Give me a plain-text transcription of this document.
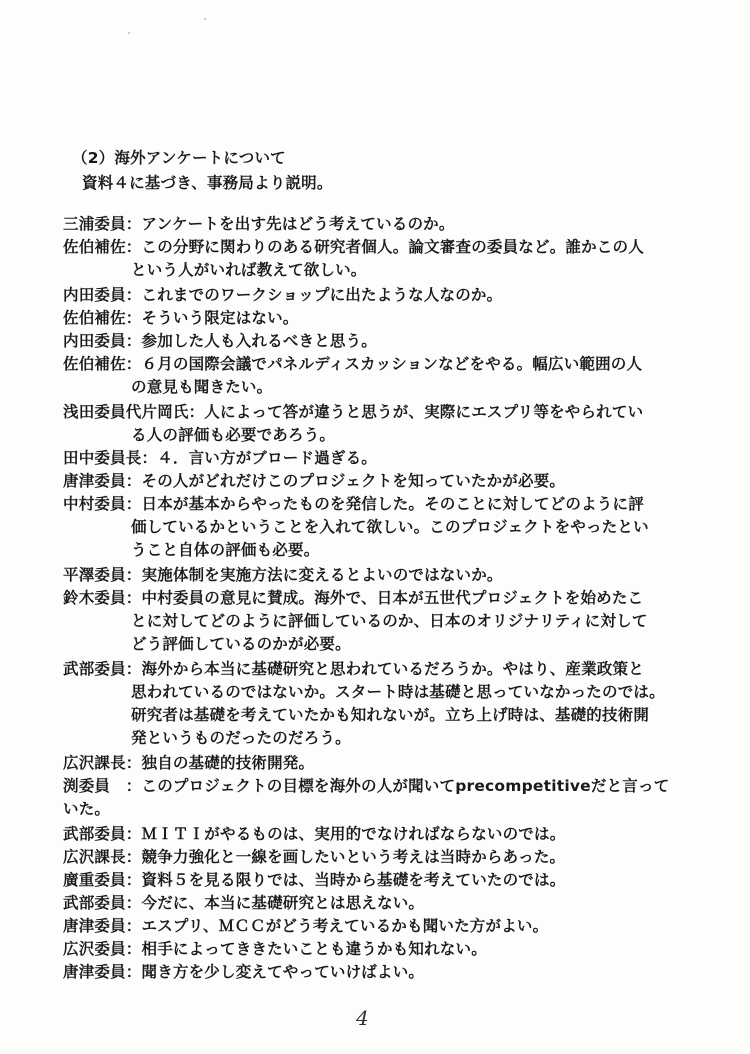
（2）海外アンケートについて
資料４に基づき、事務局より説明。
三浦委員：アンケートを出す先はどう考えているのか。
佐伯補佐：この分野に関わりのある研究者個人。論文審査の委員など。誰かこの人
という人がいれば教えて欲しい。
内田委員：これまでのワークショップに出たような人なのか。
佐伯補佐：そういう限定はない。
内田委員：参加した人も入れるべきと思う。
佐伯補佐：６月の国際会議でパネルディスカッションなどをやる。幅広い範囲の人
の意見も聞きたい。
浅田委員代片岡氏：人によって答が違うと思うが、実際にエスプリ等をやられてい
る人の評価も必要であろう。
田中委員長：４．言い方がブロード過ぎる。
唐津委員：その人がどれだけこのプロジェクトを知っていたかが必要。
中村委員：日本が基本からやったものを発信した。そのことに対してどのように評
価しているかということを入れて欲しい。このプロジェクトをやったとい
うこと自体の評価も必要。
平澤委員：実施体制を実施方法に変えるとよいのではないか。
鈴木委員：中村委員の意見に賛成。海外で、日本が五世代プロジェクトを始めたこ
とに対してどのように評価しているのか、日本のオリジナリティに対して
どう評価しているのかが必要。
武部委員：海外から本当に基礎研究と思われているだろうか。やはり、産業政策と
思われているのではないか。スタート時は基礎と思っていなかったのでは。
研究者は基礎を考えていたかも知れないが。立ち上げ時は、基礎的技術開
発というものだったのだろう。
広沢課長：独自の基礎的技術開発。
渕委員　：このプロジェクトの目標を海外の人が聞いてprecompetitiveだと言って
いた。
武部委員：ＭＩＴＩがやるものは、実用的でなければならないのでは。
広沢課長：競争力強化と一線を画したいという考えは当時からあった。
廣重委員：資料５を見る限りでは、当時から基礎を考えていたのでは。
武部委員：今だに、本当に基礎研究とは思えない。
唐津委員：エスプリ、ＭＣＣがどう考えているかも聞いた方がよい。
広沢委員：相手によってききたいことも違うかも知れない。
唐津委員：聞き方を少し変えてやっていけばよい。
4
